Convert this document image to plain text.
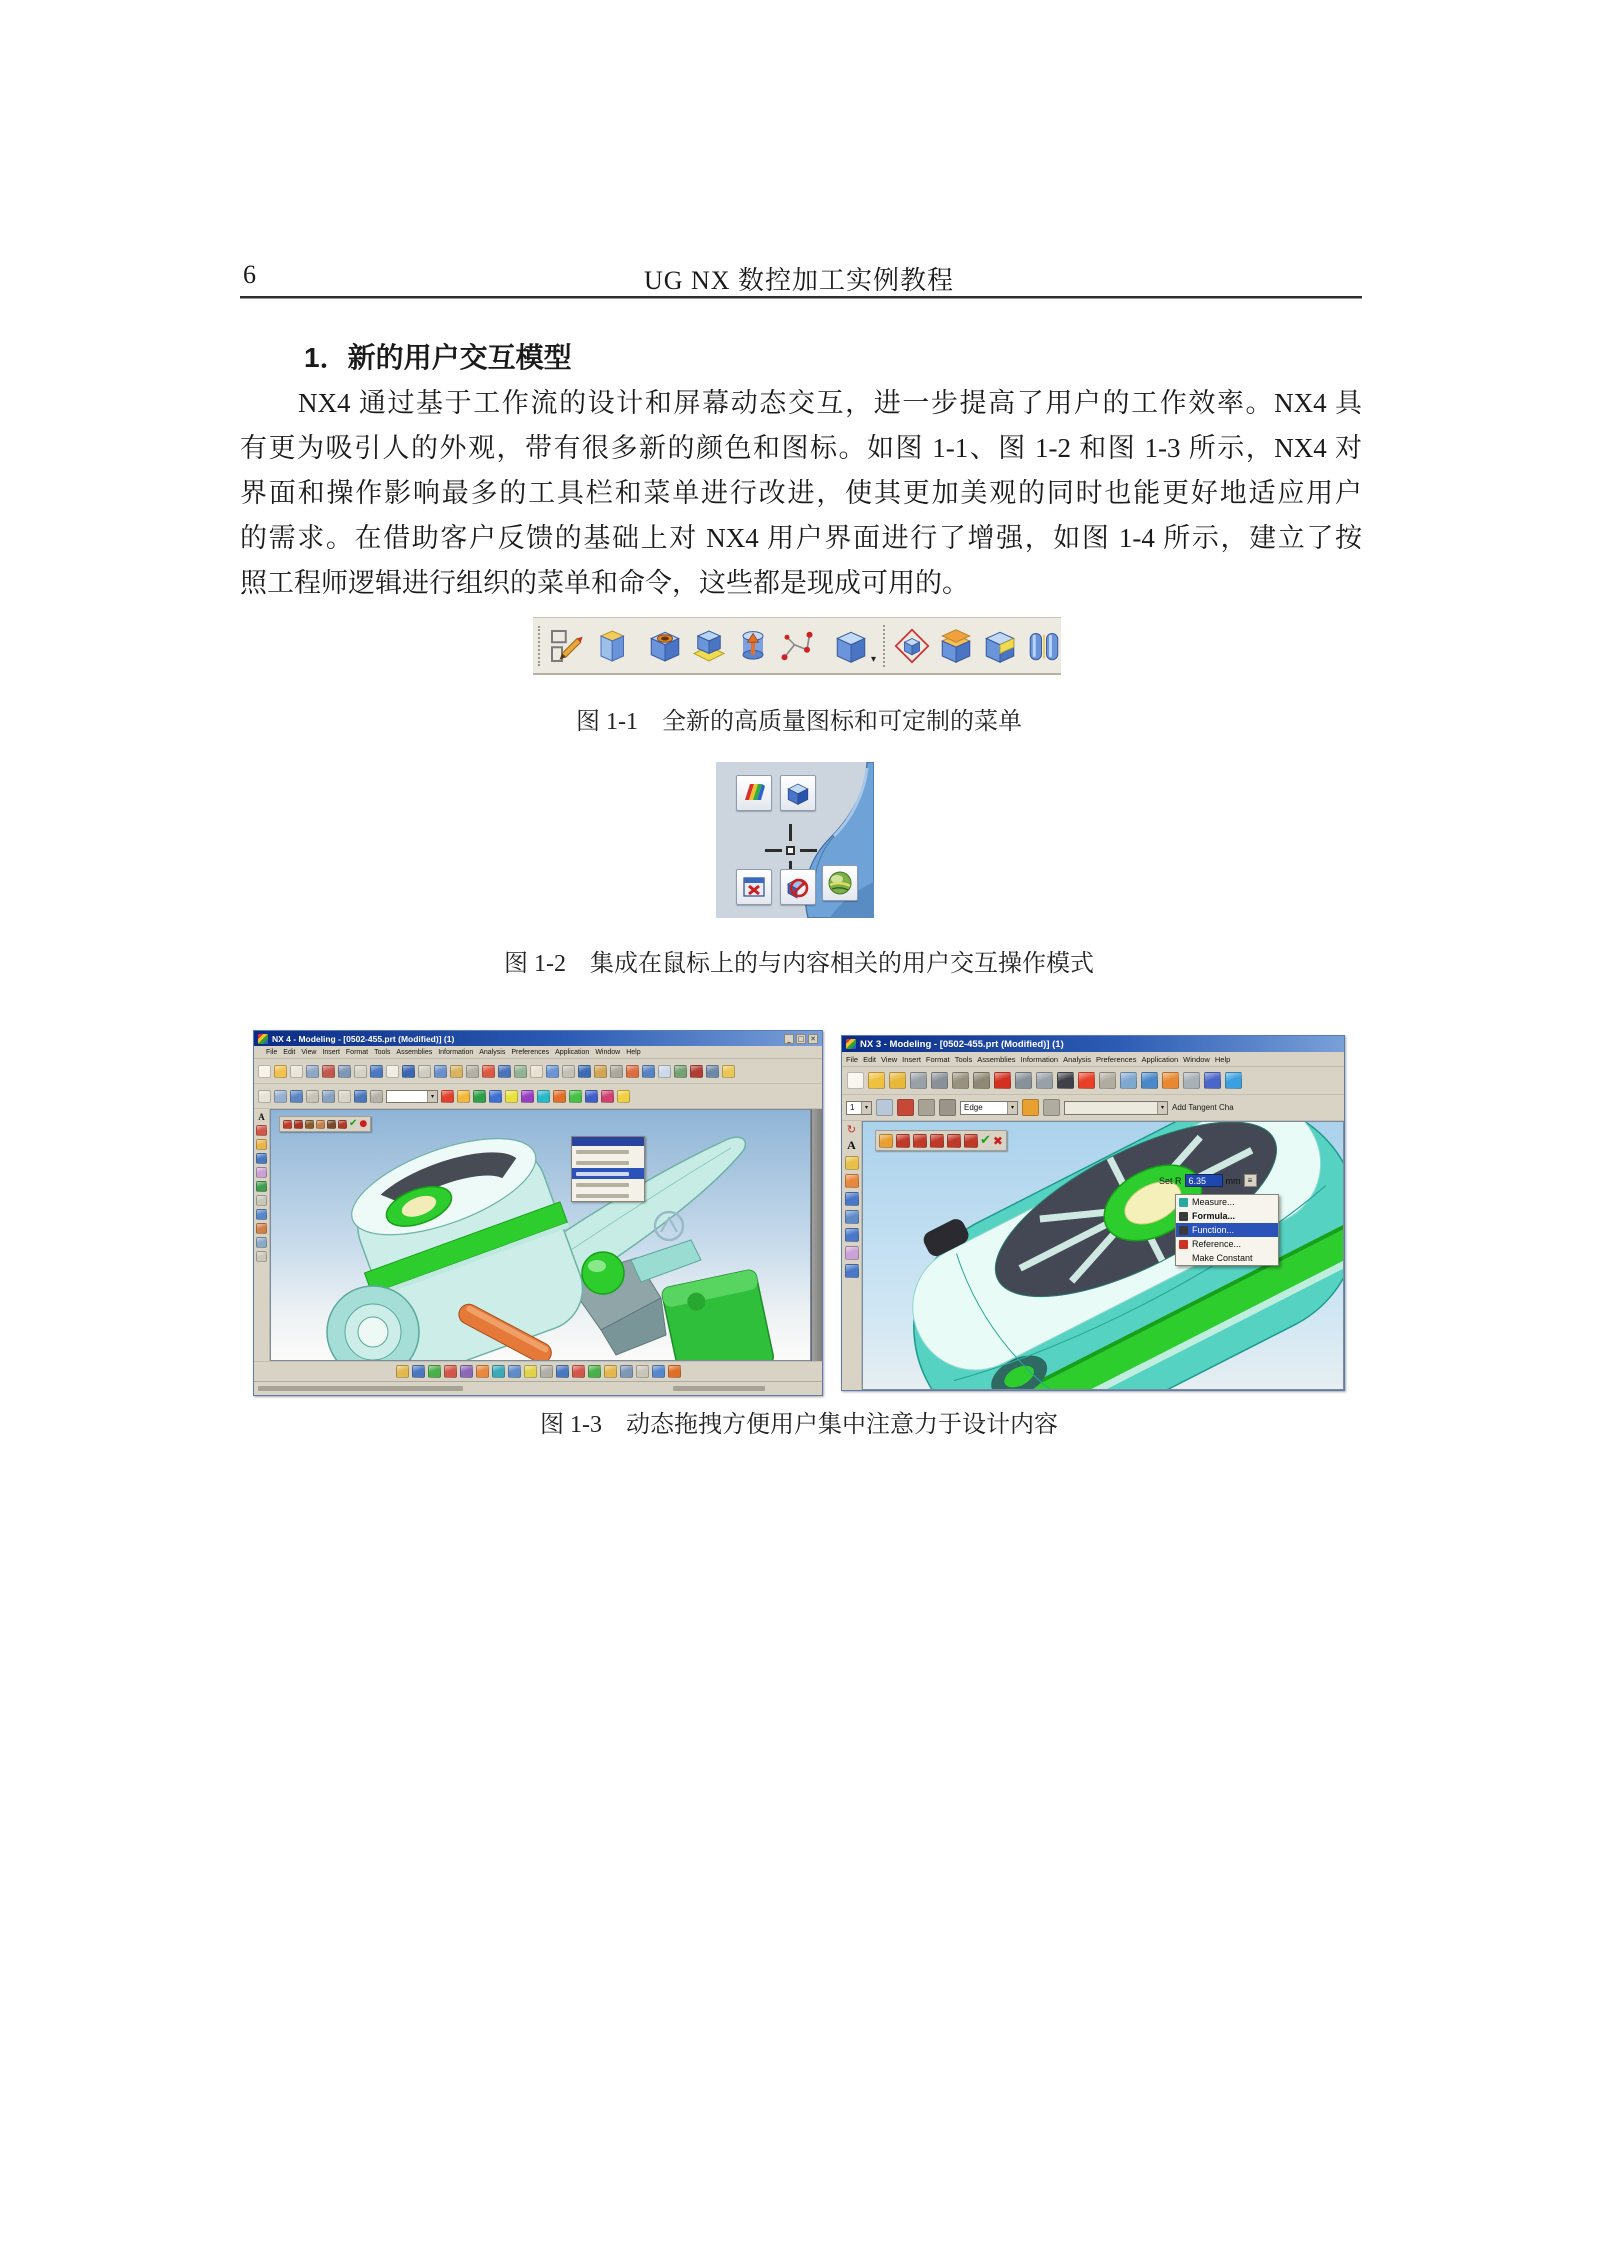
6	UG NX 数控加工实例教程
1．新的用户交互模型
NX4 通过基于工作流的设计和屏幕动态交互，进一步提高了用户的工作效率。NX4 具
有更为吸引人的外观，带有很多新的颜色和图标。如图 1-1、图 1-2 和图 1-3 所示，NX4 对
界面和操作影响最多的工具栏和菜单进行改进，使其更加美观的同时也能更好地适应用户
的需求。在借助客户反馈的基础上对 NX4 用户界面进行了增强，如图 1-4 所示，建立了按
照工程师逻辑进行组织的菜单和命令，这些都是现成可用的。
▾
图 1-1　全新的高质量图标和可定制的菜单
图 1-2　集成在鼠标上的与内容相关的用户交互操作模式
NX 4 - Modeling - [0502-455.prt (Modified)] (1)	_ □ ✕
File Edit View Insert Format Tools Assemblies Information Analysis Preferences Application Window Help
▾
A
✔ ●
NX 3 - Modeling - [0502-455.prt (Modified)] (1)
File Edit View Insert Format Tools Assemblies Information Analysis Preferences Application Window Help
1	▾	Edge	▾	▾	Add Tangent Cha
↻
A	✔ ✖
Set R 6.35	mm ≡
Measure...
Formula...
Function...
Reference...
Make Constant
图 1-3　动态拖拽方便用户集中注意力于设计内容
